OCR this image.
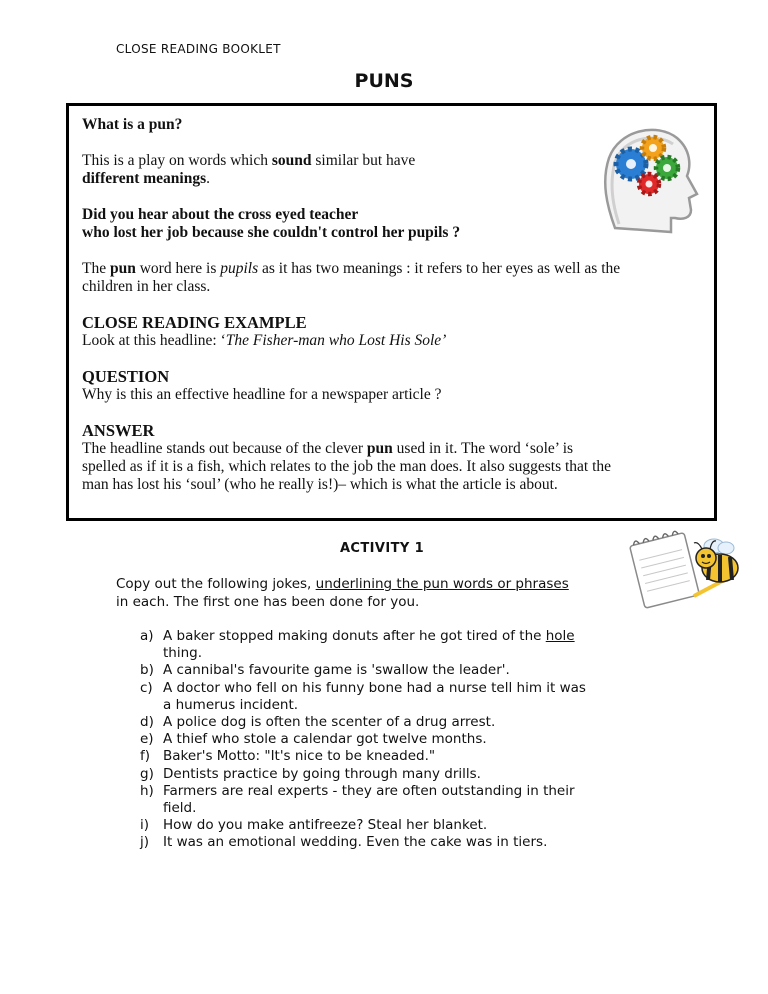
CLOSE READING BOOKLET
PUNS

What is a pun?

This is a play on words which sound similar but have
different meanings.

Did you hear about the cross eyed teacher
who lost her job because she couldn't control her pupils ?

The pun word here is pupils as it has two meanings : it refers to her eyes as well as the
children in her class.

CLOSE READING EXAMPLE

Look at this headline: ‘The Fisher-man who Lost His Sole’

QUESTION

Why is this an effective headline for a newspaper article ?

ANSWER

The headline stands out because of the clever pun used in it. The word ‘sole’ is
spelled as if it is a fish, which relates to the job the man does. It also suggests that the
man has lost his ‘soul’ (who he really is!)– which is what the article is about.

ACTIVITY 1

Copy out the following jokes, underlining the pun words or phrases
in each. The first one has been done for you.

a) A baker stopped making donuts after he got tired of the hole
thing.
b) A cannibal's favourite game is 'swallow the leader'.
c) A doctor who fell on his funny bone had a nurse tell him it was
a humerus incident.
d) A police dog is often the scenter of a drug arrest.
e) A thief who stole a calendar got twelve months.
f) Baker's Motto: "It's nice to be kneaded."
g) Dentists practice by going through many drills.
h) Farmers are real experts - they are often outstanding in their
field.
i) How do you make antifreeze? Steal her blanket.
j) It was an emotional wedding. Even the cake was in tiers.
